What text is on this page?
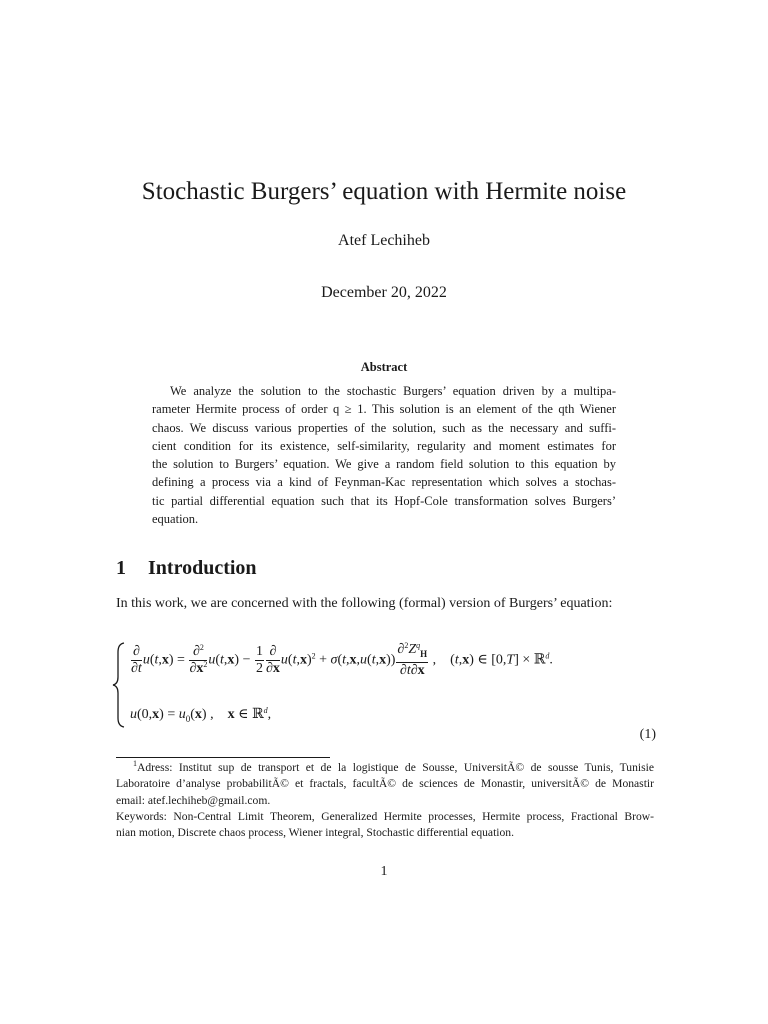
Stochastic Burgers’ equation with Hermite noise
Atef Lechiheb
December 20, 2022
Abstract
We analyze the solution to the stochastic Burgers’ equation driven by a multipa-
rameter Hermite process of order q ≥ 1. This solution is an element of the qth Wiener
chaos. We discuss various properties of the solution, such as the necessary and suffi-
cient condition for its existence, self-similarity, regularity and moment estimates for
the solution to Burgers’ equation. We give a random field solution to this equation by
defining a process via a kind of Feynman-Kac representation which solves a stochas-
tic partial differential equation such that its Hopf-Cole transformation solves Burgers’
equation.
1 Introduction
In this work, we are concerned with the following (formal) version of Burgers’ equation:
$\frac{\partial}{\partial t} u(t,x) = \frac{\partial^2}{\partial x^2} u(t,x) - \frac{1}{2} \frac{\partial}{\partial x} u(t,x)^2 + \sigma(t,x,u(t,x)) \frac{\partial^2Z^q_H}{\partial t\partial x}$ ,    (t,x) ∈ [0,T] × ℝ$^d$.
$u(0,x) = u_0(x)$ ,    x ∈ ℝ$^d$,
(1)
$^1$Adress: Institut sup de transport et de la logistique de Sousse, UniversitÃ© de sousse Tunis, Tunisie
Laboratoire d’analyse probabilitÃ© et fractals, facultÃ© de sciences de Monastir, universitÃ© de Monastir
email: atef.lechiheb@gmail.com.
Keywords: Non-Central Limit Theorem, Generalized Hermite processes, Hermite process, Fractional Brow-
nian motion, Discrete chaos process, Wiener integral, Stochastic differential equation.
1
